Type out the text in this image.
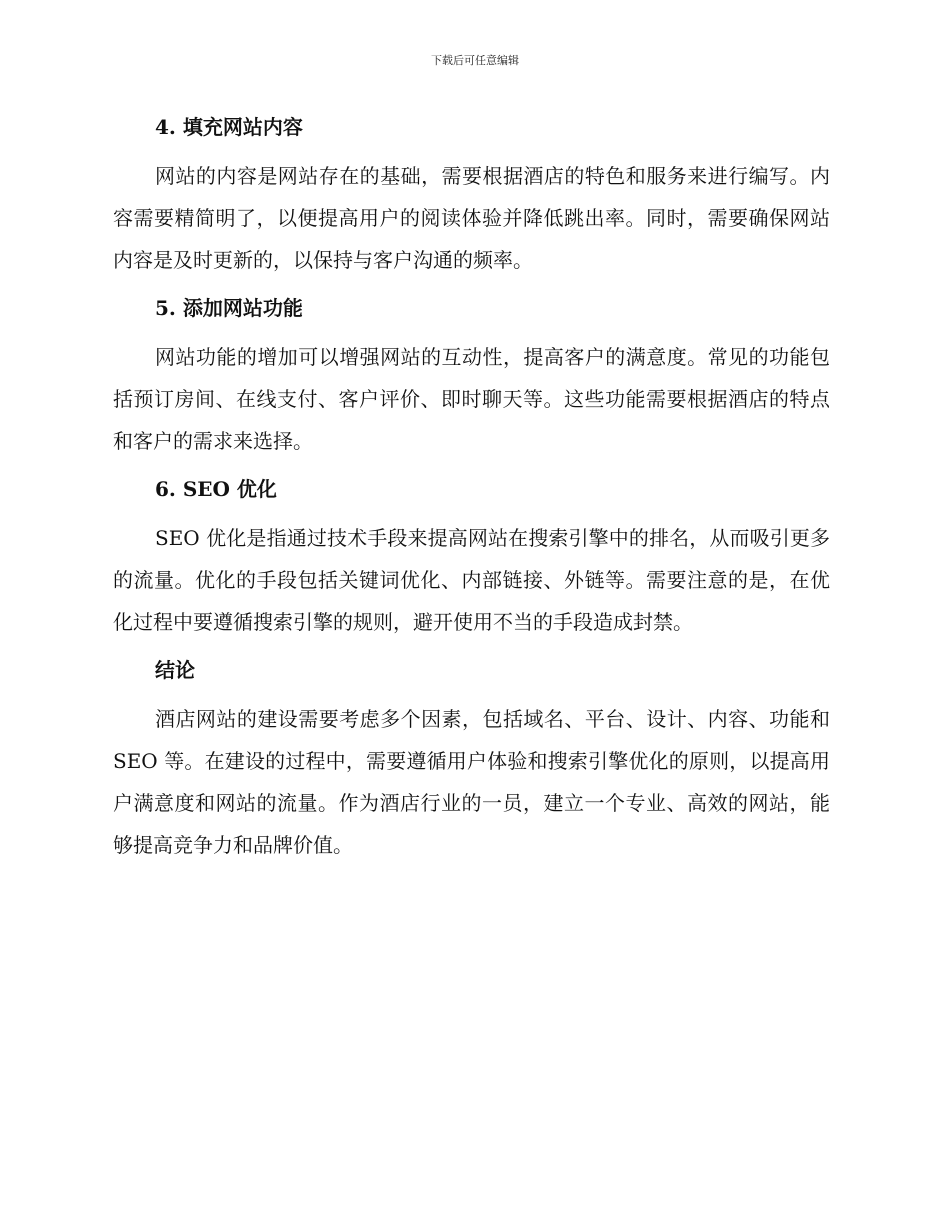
下载后可任意编辑
4. 填充网站内容

网站的内容是网站存在的基础，需要根据酒店的特色和服务来进行编写。内容需要精简明了，以便提高用户的阅读体验并降低跳出率。同时，需要确保网站内容是及时更新的，以保持与客户沟通的频率。

5. 添加网站功能

网站功能的增加可以增强网站的互动性，提高客户的满意度。常见的功能包括预订房间、在线支付、客户评价、即时聊天等。这些功能需要根据酒店的特点和客户的需求来选择。

6. SEO 优化

SEO 优化是指通过技术手段来提高网站在搜索引擎中的排名，从而吸引更多的流量。优化的手段包括关键词优化、内部链接、外链等。需要注意的是，在优化过程中要遵循搜索引擎的规则，避开使用不当的手段造成封禁。

结论

酒店网站的建设需要考虑多个因素，包括域名、平台、设计、内容、功能和 SEO 等。在建设的过程中，需要遵循用户体验和搜索引擎优化的原则，以提高用户满意度和网站的流量。作为酒店行业的一员，建立一个专业、高效的网站，能够提高竞争力和品牌价值。
